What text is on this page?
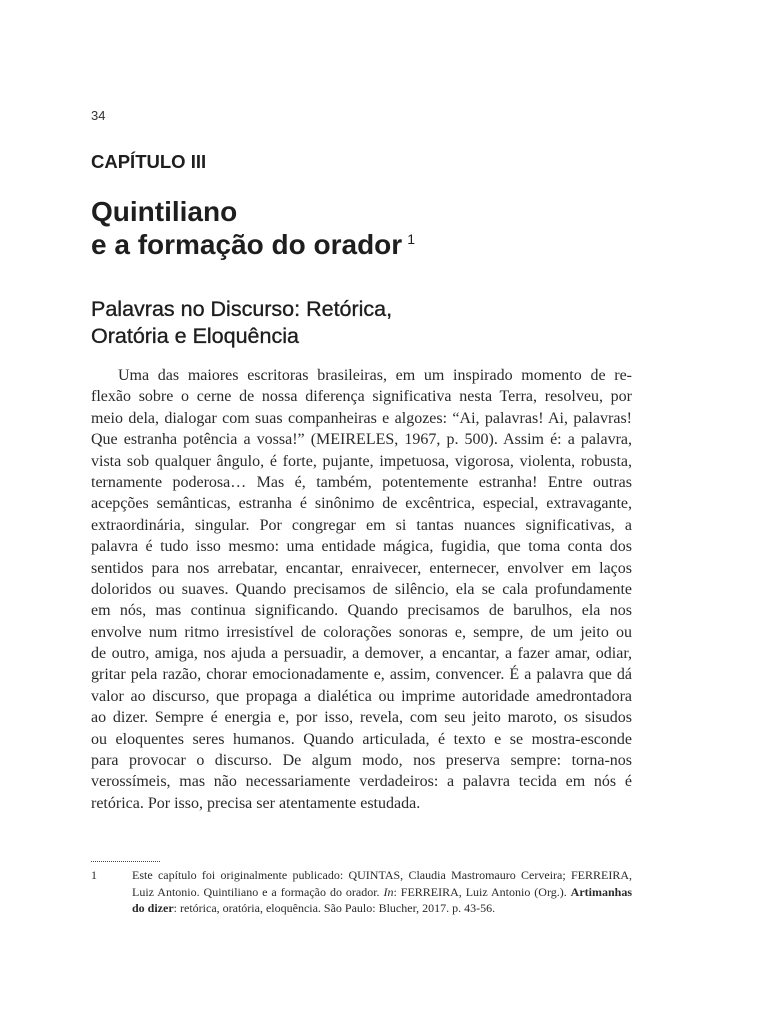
34
CAPÍTULO III
Quintiliano
e a formação do orador $^1$
Palavras no Discurso: Retórica,
Oratória e Eloquência
Uma das maiores escritoras brasileiras, em um inspirado momento de re-
flexão sobre o cerne de nossa diferença significativa nesta Terra, resolveu, por
meio dela, dialogar com suas companheiras e algozes: “Ai, palavras! Ai, palavras!
Que estranha potência a vossa!” (MEIRELES, 1967, p. 500). Assim é: a palavra,
vista sob qualquer ângulo, é forte, pujante, impetuosa, vigorosa, violenta, robusta,
ternamente poderosa… Mas é, também, potentemente estranha! Entre outras
acepções semânticas, estranha é sinônimo de excêntrica, especial, extravagante,
extraordinária, singular. Por congregar em si tantas nuances significativas, a
palavra é tudo isso mesmo: uma entidade mágica, fugidia, que toma conta dos
sentidos para nos arrebatar, encantar, enraivecer, enternecer, envolver em laços
doloridos ou suaves. Quando precisamos de silêncio, ela se cala profundamente
em nós, mas continua significando. Quando precisamos de barulhos, ela nos
envolve num ritmo irresistível de colorações sonoras e, sempre, de um jeito ou
de outro, amiga, nos ajuda a persuadir, a demover, a encantar, a fazer amar, odiar,
gritar pela razão, chorar emocionadamente e, assim, convencer. É a palavra que dá
valor ao discurso, que propaga a dialética ou imprime autoridade amedrontadora
ao dizer. Sempre é energia e, por isso, revela, com seu jeito maroto, os sisudos
ou eloquentes seres humanos. Quando articulada, é texto e se mostra-esconde
para provocar o discurso. De algum modo, nos preserva sempre: torna-nos
verossímeis, mas não necessariamente verdadeiros: a palavra tecida em nós é
retórica. Por isso, precisa ser atentamente estudada.
1	Este capítulo foi originalmente publicado: QUINTAS, Claudia Mastromauro Cerveira; FERREIRA,
Luiz Antonio. Quintiliano e a formação do orador. In: FERREIRA, Luiz Antonio (Org.). Artimanhas
do dizer: retórica, oratória, eloquência. São Paulo: Blucher, 2017. p. 43-56.
